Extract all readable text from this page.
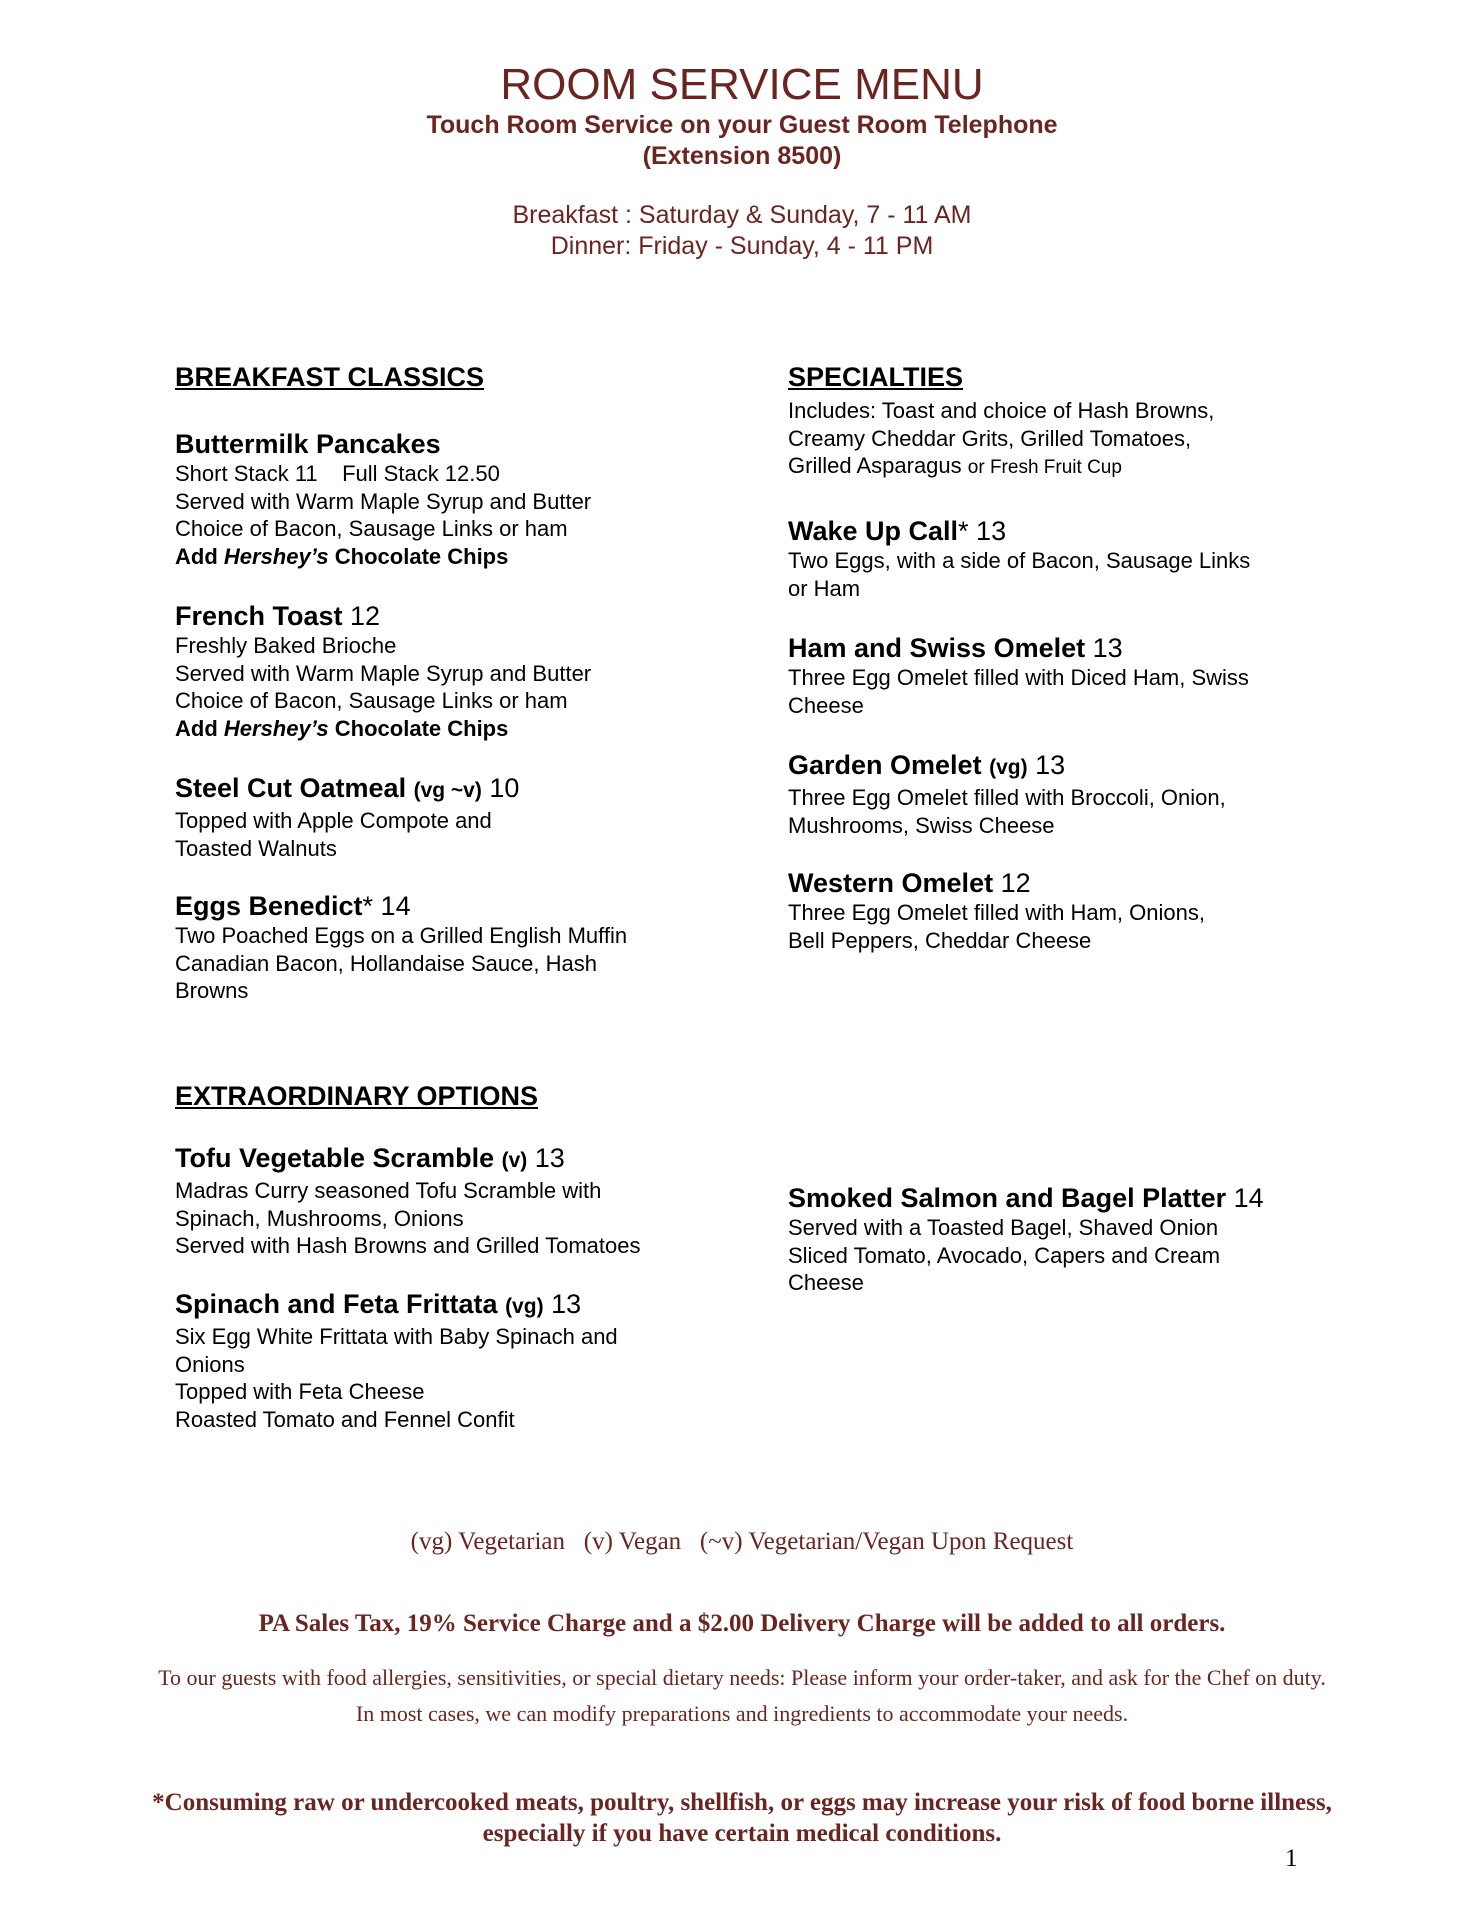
ROOM SERVICE MENU
Touch Room Service on your Guest Room Telephone
(Extension 8500)
Breakfast : Saturday & Sunday, 7 - 11 AM
Dinner: Friday - Sunday, 4 - 11 PM
BREAKFAST CLASSICS
Buttermilk Pancakes
Short Stack 11    Full Stack 12.50
Served with Warm Maple Syrup and Butter
Choice of Bacon, Sausage Links or ham
Add Hershey’s Chocolate Chips
French Toast 12
Freshly Baked Brioche
Served with Warm Maple Syrup and Butter
Choice of Bacon, Sausage Links or ham
Add Hershey’s Chocolate Chips
Steel Cut Oatmeal (vg ~v) 10
Topped with Apple Compote and
Toasted Walnuts
Eggs Benedict* 14
Two Poached Eggs on a Grilled English Muffin
Canadian Bacon, Hollandaise Sauce, Hash
Browns
SPECIALTIES
Includes: Toast and choice of Hash Browns,
Creamy Cheddar Grits, Grilled Tomatoes,
Grilled Asparagus or Fresh Fruit Cup
Wake Up Call* 13
Two Eggs, with a side of Bacon, Sausage Links
or Ham
Ham and Swiss Omelet 13
Three Egg Omelet filled with Diced Ham, Swiss
Cheese
Garden Omelet (vg) 13
Three Egg Omelet filled with Broccoli, Onion,
Mushrooms, Swiss Cheese
Western Omelet 12
Three Egg Omelet filled with Ham, Onions,
Bell Peppers, Cheddar Cheese
EXTRAORDINARY OPTIONS
Tofu Vegetable Scramble (v) 13
Madras Curry seasoned Tofu Scramble with
Spinach, Mushrooms, Onions
Served with Hash Browns and Grilled Tomatoes
Spinach and Feta Frittata (vg) 13
Six Egg White Frittata with Baby Spinach and
Onions
Topped with Feta Cheese
Roasted Tomato and Fennel Confit
Smoked Salmon and Bagel Platter 14
Served with a Toasted Bagel, Shaved Onion
Sliced Tomato, Avocado, Capers and Cream
Cheese
(vg) Vegetarian   (v) Vegan   (~v) Vegetarian/Vegan Upon Request
PA Sales Tax, 19% Service Charge and a $2.00 Delivery Charge will be added to all orders.
To our guests with food allergies, sensitivities, or special dietary needs: Please inform your order-taker, and ask for the Chef on duty. In most cases, we can modify preparations and ingredients to accommodate your needs.
*Consuming raw or undercooked meats, poultry, shellfish, or eggs may increase your risk of food borne illness, especially if you have certain medical conditions.
1
